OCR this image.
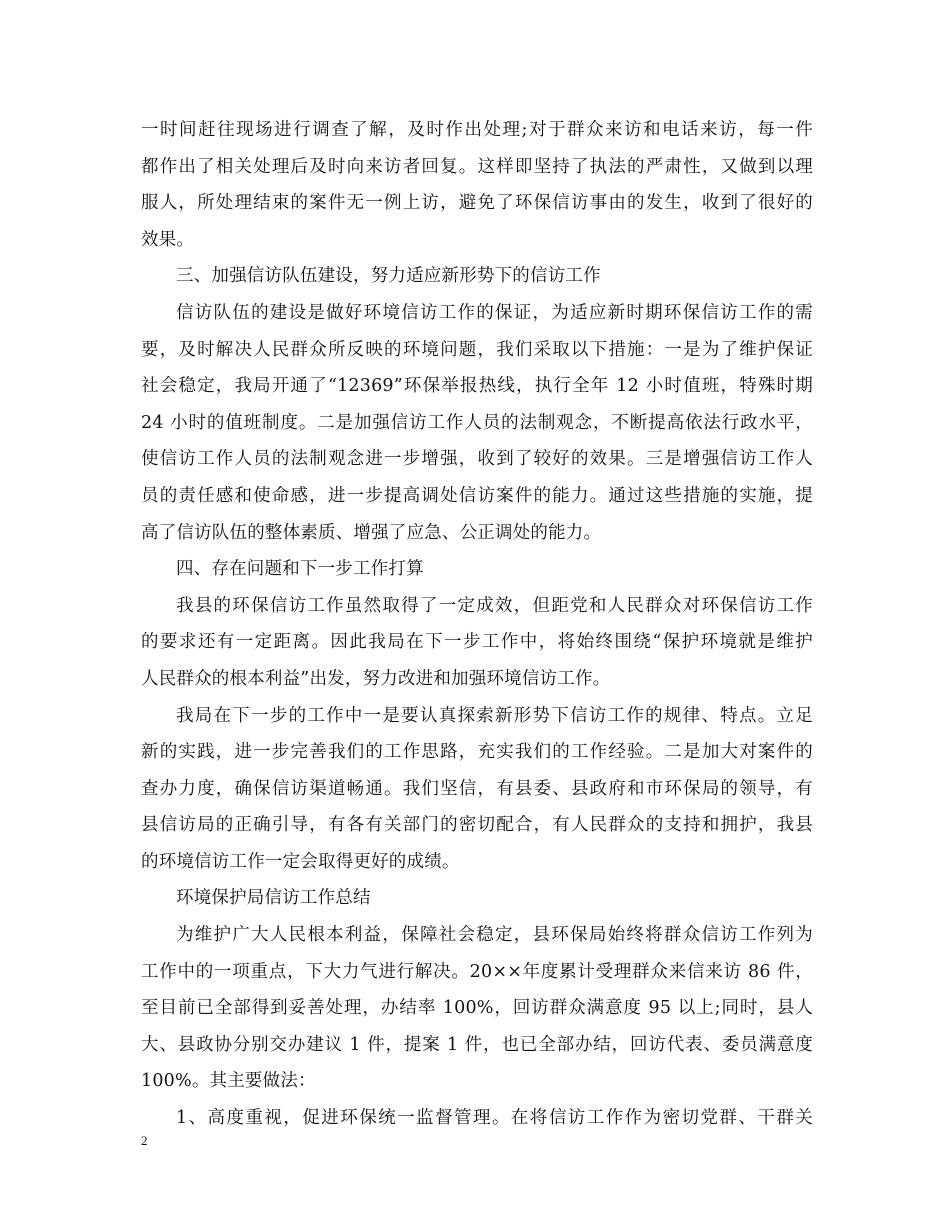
一时间赶往现场进行调查了解，及时作出处理;对于群众来访和电话来访，每一件
都作出了相关处理后及时向来访者回复。这样即坚持了执法的严肃性，又做到以理
服人，所处理结束的案件无一例上访，避免了环保信访事由的发生，收到了很好的
效果。
三、加强信访队伍建设，努力适应新形势下的信访工作
信访队伍的建设是做好环境信访工作的保证，为适应新时期环保信访工作的需
要，及时解决人民群众所反映的环境问题，我们采取以下措施：一是为了维护保证
社会稳定，我局开通了“12369”环保举报热线，执行全年 12 小时值班，特殊时期
24 小时的值班制度。二是加强信访工作人员的法制观念，不断提高依法行政水平，
使信访工作人员的法制观念进一步增强，收到了较好的效果。三是增强信访工作人
员的责任感和使命感，进一步提高调处信访案件的能力。通过这些措施的实施，提
高了信访队伍的整体素质、增强了应急、公正调处的能力。
四、存在问题和下一步工作打算
我县的环保信访工作虽然取得了一定成效，但距党和人民群众对环保信访工作
的要求还有一定距离。因此我局在下一步工作中，将始终围绕“保护环境就是维护
人民群众的根本利益”出发，努力改进和加强环境信访工作。
我局在下一步的工作中一是要认真探索新形势下信访工作的规律、特点。立足
新的实践，进一步完善我们的工作思路，充实我们的工作经验。二是加大对案件的
查办力度，确保信访渠道畅通。我们坚信，有县委、县政府和市环保局的领导，有
县信访局的正确引导，有各有关部门的密切配合，有人民群众的支持和拥护，我县
的环境信访工作一定会取得更好的成绩。
环境保护局信访工作总结
为维护广大人民根本利益，保障社会稳定，县环保局始终将群众信访工作列为
工作中的一项重点，下大力气进行解决。20××年度累计受理群众来信来访 86 件，
至目前已全部得到妥善处理，办结率 100%，回访群众满意度 95 以上;同时，县人
大、县政协分别交办建议 1 件，提案 1 件，也已全部办结，回访代表、委员满意度
100%。其主要做法：
1、高度重视，促进环保统一监督管理。在将信访工作作为密切党群、干群关
2
